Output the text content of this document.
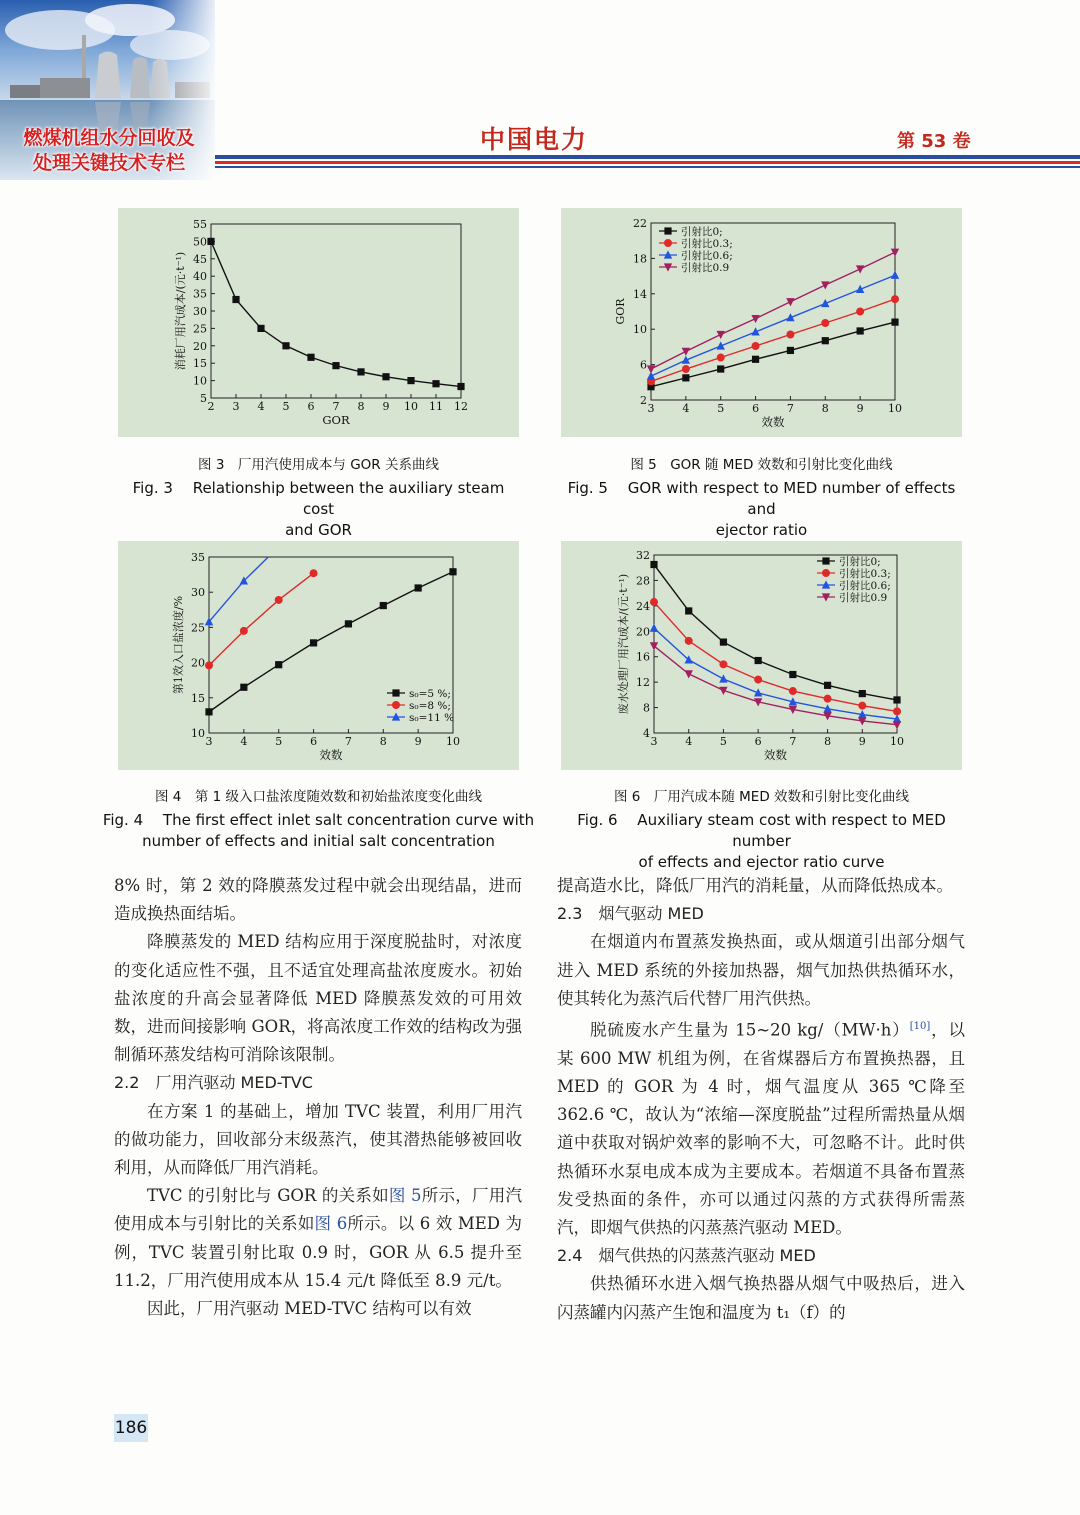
燃煤机组水分回收及
处理关键技术专栏
中国电力	第 53 卷
2 3 4 5 6 7 8 9 10 11 12
5
10
15
20
25
30
35
40
45
50
55
GOR
消耗厂用汽成本/(元·t⁻¹)
图 3　厂用汽使用成本与 GOR 关系曲线
Fig. 3　 Relationship between the auxiliary steam cost
and GOR
3	4	5	6	7	8	9 10
2
6
10
14
18
22
效数
GOR
引射比0;
引射比0.3;
引射比0.6;
引射比0.9
图 5　GOR 随 MED 效数和引射比变化曲线
Fig. 5　 GOR with respect to MED number of effects and
ejector ratio
3	4	5	6	7	8	9 10
10
15
20
25
30
35
效数
第1效入口盐浓度/%	s₀=5 %;
s₀=8 %;
s₀=11 %
图 4　第 1 级入口盐浓度随效数和初始盐浓度变化曲线
Fig. 4　 The first effect inlet salt concentration curve with
number of effects and initial salt concentration
3	4	5	6	7	8	9 10
4
8
12
16
20
24
28
32
效数
废水处理厂用汽成本/(元·t⁻¹)
引射比0;
引射比0.3;
引射比0.6;
引射比0.9
图 6　厂用汽成本随 MED 效数和引射比变化曲线
Fig. 6　 Auxiliary steam cost with respect to MED number
of effects and ejector ratio curve

8% 时，第 2 效的降膜蒸发过程中就会出现结晶，进而造成换热面结垢。

降膜蒸发的 MED 结构应用于深度脱盐时，对浓度的变化适应性不强，且不适宜处理高盐浓度废水。初始盐浓度的升高会显著降低 MED 降膜蒸发效的可用效数，进而间接影响 GOR，将高浓度工作效的结构改为强制循环蒸发结构可消除该限制。

2.2　厂用汽驱动 MED-TVC

在方案 1 的基础上，增加 TVC 装置，利用厂用汽的做功能力，回收部分末级蒸汽，使其潜热能够被回收利用，从而降低厂用汽消耗。

TVC 的引射比与 GOR 的关系如图 5所示，厂用汽使用成本与引射比的关系如图 6所示。以 6 效 MED 为例，TVC 装置引射比取 0.9 时，GOR 从 6.5 提升至 11.2，厂用汽使用成本从 15.4 元/t 降低至 8.9 元/t。

因此，厂用汽驱动 MED-TVC 结构可以有效

提高造水比，降低厂用汽的消耗量，从而降低热成本。

2.3　烟气驱动 MED

在烟道内布置蒸发换热面，或从烟道引出部分烟气进入 MED 系统的外接加热器，烟气加热供热循环水，使其转化为蒸汽后代替厂用汽供热。

脱硫废水产生量为 15~20 kg/（MW·h）[10]，以某 600 MW 机组为例，在省煤器后方布置换热器，且 MED 的 GOR 为 4 时，烟气温度从 365 ℃降至 362.6 ℃，故认为“浓缩—深度脱盐”过程所需热量从烟道中获取对锅炉效率的影响不大，可忽略不计。此时供热循环水泵电成本成为主要成本。若烟道不具备布置蒸发受热面的条件，亦可以通过闪蒸的方式获得所需蒸汽，即烟气供热的闪蒸蒸汽驱动 MED。

2.4　烟气供热的闪蒸蒸汽驱动 MED

供热循环水进入烟气换热器从烟气中吸热后，进入闪蒸罐内闪蒸产生饱和温度为 t₁（f）的

186
